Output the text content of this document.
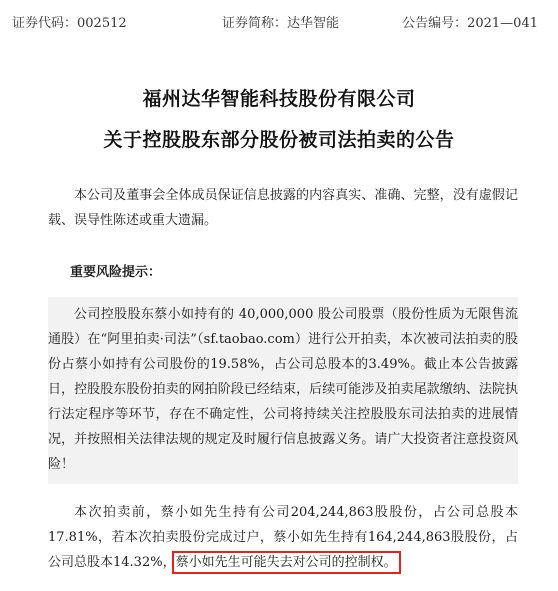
证券代码：002512	证券简称：达华智能	公告编号：2021—041
福州达华智能科技股份有限公司
关于控股股东部分股份被司法拍卖的公告

本公司及董事会全体成员保证信息披露的内容真实、准确、完整，没有虚假记载、误导性陈述或重大遗漏。

重要风险提示：

公司控股股东蔡小如持有的 40,000,000 股公司股票（股份性质为无限售流通股）在“阿里拍卖·司法”（sf.taobao.com）进行公开拍卖，本次被司法拍卖的股份占蔡小如持有公司股份的19.58%，占公司总股本的3.49%。截止本公告披露日，控股股东股份拍卖的网拍阶段已经结束，后续可能涉及拍卖尾款缴纳、法院执行法定程序等环节，存在不确定性，公司将持续关注控股股东司法拍卖的进展情况，并按照相关法律法规的规定及时履行信息披露义务。请广大投资者注意投资风险！

本次拍卖前，蔡小如先生持有公司204,244,863股股份，占公司总股本17.81%，若本次拍卖股份完成过户，蔡小如先生持有164,244,863股股份，占公司总股本14.32%，蔡小如先生可能失去对公司的控制权。
